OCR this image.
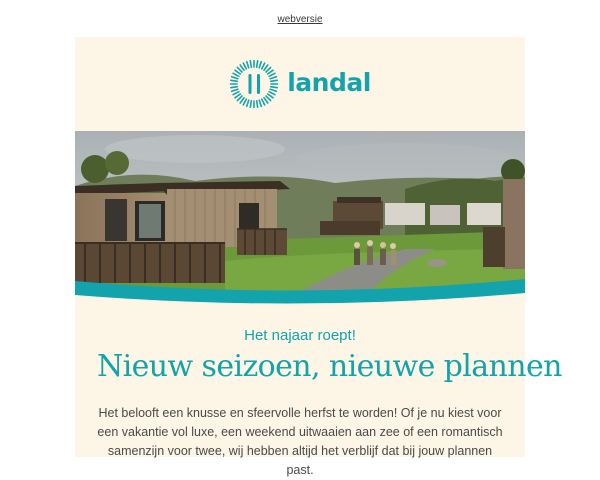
webversie
landal
Het najaar roept!
Nieuw seizoen, nieuwe plannen
Het belooft een knusse en sfeervolle herfst te worden! Of je nu kiest voor een vakantie vol luxe, een weekend uitwaaien aan zee of een romantisch samenzijn voor twee, wij hebben altijd het verblijf dat bij jouw plannen past.
